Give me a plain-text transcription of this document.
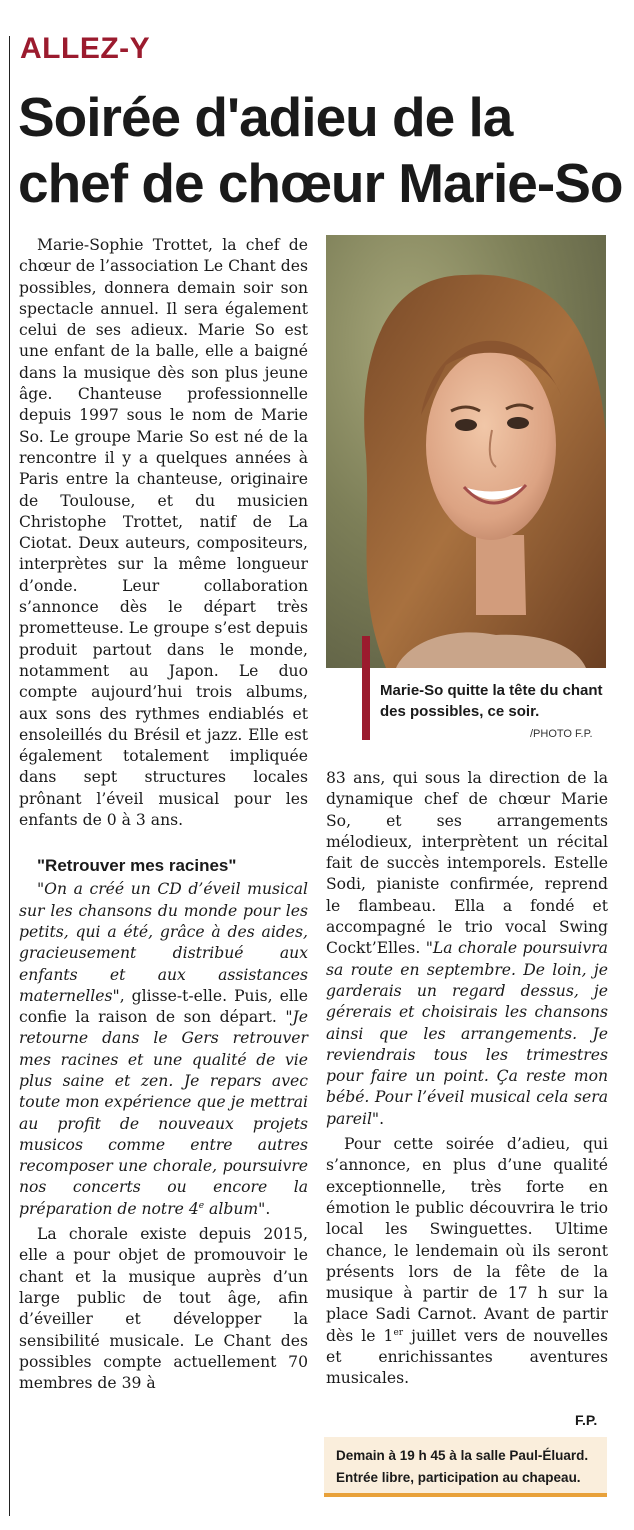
ALLEZ-Y
Soirée d'adieu de la
chef de chœur Marie-So

Marie-Sophie Trottet, la chef de chœur de l’association Le Chant des possibles, donnera demain soir son spectacle annuel. Il sera également celui de ses adieux. Marie So est une enfant de la balle, elle a baigné dans la musique dès son plus jeune âge. Chanteuse professionnelle depuis 1997 sous le nom de Marie So. Le groupe Marie So est né de la rencontre il y a quelques années à Paris entre la chanteuse, originaire de Toulouse, et du musicien Christophe Trottet, natif de La Ciotat. Deux auteurs, compositeurs, interprètes sur la même longueur d’onde. Leur collaboration s’annonce dès le départ très prometteuse. Le groupe s’est depuis produit partout dans le monde, notamment au Japon. Le duo compte aujourd’hui trois albums, aux sons des rythmes endiablés et ensoleillés du Brésil et jazz. Elle est également totalement impliquée dans sept structures locales prônant l’éveil musical pour les enfants de 0 à 3 ans.

"Retrouver mes racines"

"On a créé un CD d’éveil musical sur les chansons du monde pour les petits, qui a été, grâce à des aides, gracieusement distribué aux enfants et aux assistances maternelles", glisse-t-elle. Puis, elle confie la raison de son départ. "Je retourne dans le Gers retrouver mes racines et une qualité de vie plus saine et zen. Je repars avec toute mon expérience que je mettrai au profit de nouveaux projets musicos comme entre autres recomposer une chorale, poursuivre nos concerts ou encore la préparation de notre 4e album".

La chorale existe depuis 2015, elle a pour objet de promouvoir le chant et la musique auprès d’un large public de tout âge, afin d’éveiller et développer la sensibilité musicale. Le Chant des possibles compte actuellement 70 membres de 39 à

Marie-So quitte la tête du chant des possibles, ce soir.
/PHOTO F.P.

83 ans, qui sous la direction de la dynamique chef de chœur Marie So, et ses arrangements mélodieux, interprètent un récital fait de succès intemporels. Estelle Sodi, pianiste confirmée, reprend le flambeau. Ella a fondé et accompagné le trio vocal Swing Cockt’Elles. "La chorale poursuivra sa route en septembre. De loin, je garderais un regard dessus, je gérerais et choisirais les chansons ainsi que les arrangements. Je reviendrais tous les trimestres pour faire un point. Ça reste mon bébé. Pour l’éveil musical cela sera pareil".

Pour cette soirée d’adieu, qui s’annonce, en plus d’une qualité exceptionnelle, très forte en émotion le public découvrira le trio local les Swinguettes. Ultime chance, le lendemain où ils seront présents lors de la fête de la musique à partir de 17 h sur la place Sadi Carnot. Avant de partir dès le 1er juillet vers de nouvelles et enrichissantes aventures musicales.

F.P.
Demain à 19 h 45 à la salle Paul-Éluard.
Entrée libre, participation au chapeau.
